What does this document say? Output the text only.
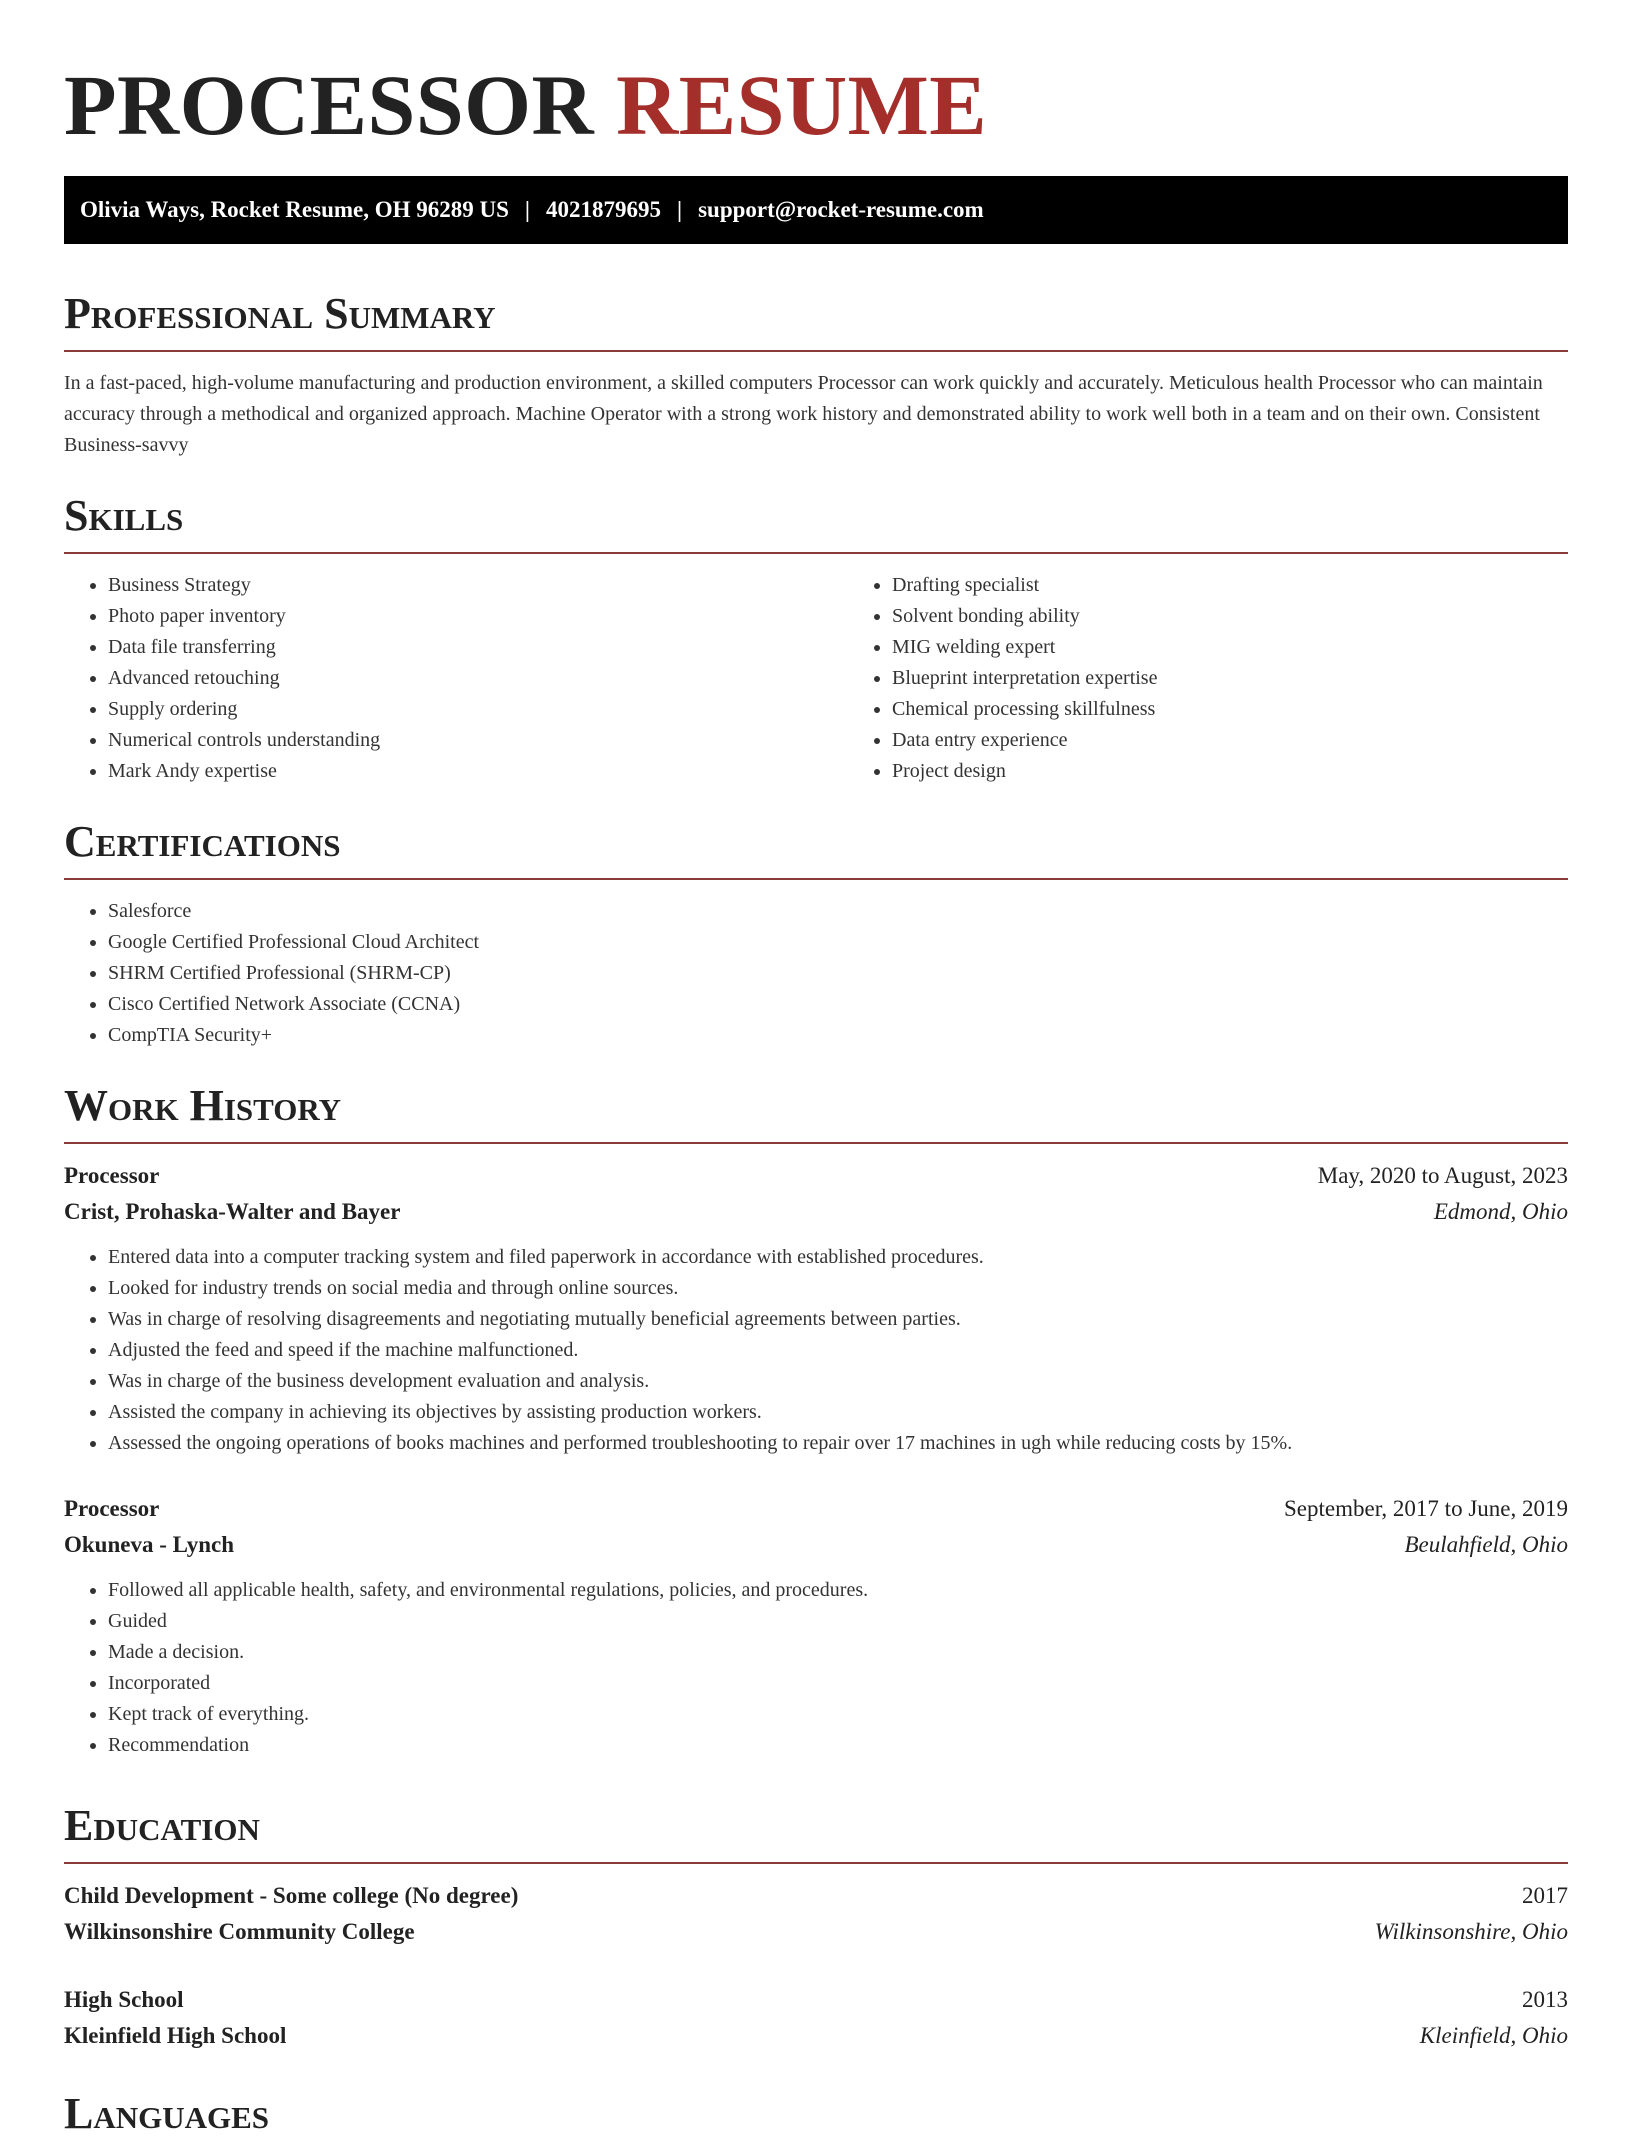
PROCESSOR RESUME
Olivia Ways, Rocket Resume, OH 96289 US | 4021879695 | support@rocket-resume.com
Professional Summary

In a fast-paced, high-volume manufacturing and production environment, a skilled computers Processor can work quickly and accurately. Meticulous health Processor who can maintain accuracy through a methodical and organized approach. Machine Operator with a strong work history and demonstrated ability to work well both in a team and on their own. Consistent Business-savvy

Skills
• Business Strategy
• Photo paper inventory
• Data file transferring
• Advanced retouching
• Supply ordering
• Numerical controls understanding
• Mark Andy expertise
• Drafting specialist
• Solvent bonding ability
• MIG welding expert
• Blueprint interpretation expertise
• Chemical processing skillfulness
• Data entry experience
• Project design
Certifications
• Salesforce
• Google Certified Professional Cloud Architect
• SHRM Certified Professional (SHRM-CP)
• Cisco Certified Network Associate (CCNA)
• CompTIA Security+
Work History
Processor	May, 2020 to August, 2023
Crist, Prohaska-Walter and Bayer	Edmond, Ohio
• Entered data into a computer tracking system and filed paperwork in accordance with established procedures.
• Looked for industry trends on social media and through online sources.
• Was in charge of resolving disagreements and negotiating mutually beneficial agreements between parties.
• Adjusted the feed and speed if the machine malfunctioned.
• Was in charge of the business development evaluation and analysis.
• Assisted the company in achieving its objectives by assisting production workers.
• Assessed the ongoing operations of books machines and performed troubleshooting to repair over 17 machines in ugh while reducing costs by 15%.
Processor	September, 2017 to June, 2019
Okuneva - Lynch	Beulahfield, Ohio
• Followed all applicable health, safety, and environmental regulations, policies, and procedures.
• Guided
• Made a decision.
• Incorporated
• Kept track of everything.
• Recommendation
Education
Child Development - Some college (No degree)	2017
Wilkinsonshire Community College	Wilkinsonshire, Ohio
High School	2013
Kleinfield High School	Kleinfield, Ohio
Languages
